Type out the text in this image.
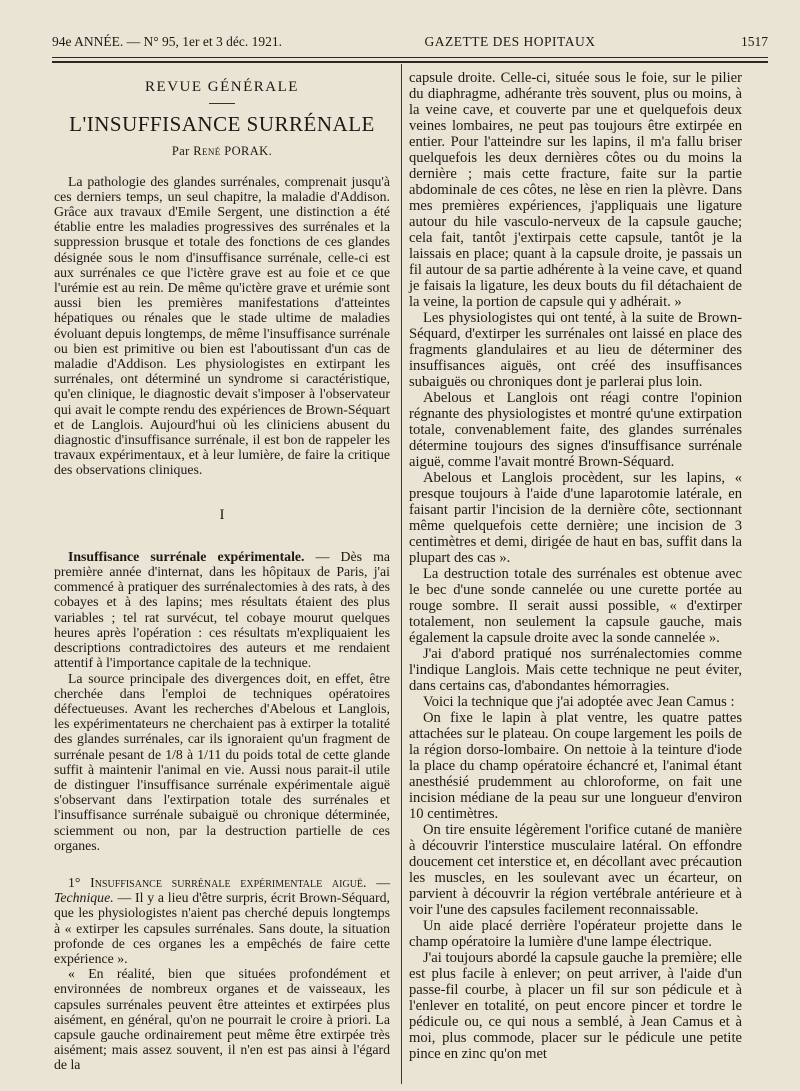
94e ANNÉE. — N° 95, 1er et 3 déc. 1921.	GAZETTE DES HOPITAUX	1517
REVUE GÉNÉRALE
L'INSUFFISANCE SURRÉNALE
Par René PORAK.

La pathologie des glandes surrénales, comprenait jusqu'à ces derniers temps, un seul chapitre, la maladie d'Addison. Grâce aux travaux d'Emile Sergent, une distinction a été établie entre les maladies progressives des surrénales et la suppression brusque et totale des fonctions de ces glandes désignée sous le nom d'insuffisance surrénale, celle-ci est aux surrénales ce que l'ictère grave est au foie et ce que l'urémie est au rein. De même qu'ictère grave et urémie sont aussi bien les premières manifestations d'atteintes hépatiques ou rénales que le stade ultime de maladies évoluant depuis longtemps, de même l'insuffisance surrénale ou bien est primitive ou bien est l'aboutissant d'un cas de maladie d'Addison. Les physiologistes en extirpant les surrénales, ont déterminé un syndrome si caractéristique, qu'en clinique, le diagnostic devait s'imposer à l'observateur qui avait le compte rendu des expériences de Brown-Séquart et de Langlois. Aujourd'hui où les cliniciens abusent du diagnostic d'insuffisance surrénale, il est bon de rappeler les travaux expérimentaux, et à leur lumière, de faire la critique des observations cliniques.

I

Insuffisance surrénale expérimentale. — Dès ma première année d'internat, dans les hôpitaux de Paris, j'ai commencé à pratiquer des surrénalectomies à des rats, à des cobayes et à des lapins; mes résultats étaient des plus variables ; tel rat survécut, tel cobaye mourut quelques heures après l'opération : ces résultats m'expliquaient les descriptions contradictoires des auteurs et me rendaient attentif à l'importance capitale de la technique.

La source principale des divergences doit, en effet, être cherchée dans l'emploi de techniques opératoires défectueuses. Avant les recherches d'Abelous et Langlois, les expérimentateurs ne cherchaient pas à extirper la totalité des glandes surrénales, car ils ignoraient qu'un fragment de surrénale pesant de 1/8 à 1/11 du poids total de cette glande suffit à maintenir l'animal en vie. Aussi nous parait-il utile de distinguer l'insuffisance surrénale expérimentale aiguë s'observant dans l'extirpation totale des surrénales et l'insuffisance surrénale subaiguë ou chronique déterminée, sciemment ou non, par la destruction partielle de ces organes.

1° Insuffisance surrénale expérimentale aiguë. — Technique. — Il y a lieu d'être surpris, écrit Brown-Séquard, que les physiologistes n'aient pas cherché depuis longtemps à « extirper les capsules surrénales. Sans doute, la situation profonde de ces organes les a empêchés de faire cette expérience ».

« En réalité, bien que situées profondément et environnées de nombreux organes et de vaisseaux, les capsules surrénales peuvent être atteintes et extirpées plus aisément, en général, qu'on ne pourrait le croire à priori. La capsule gauche ordinairement peut même être extirpée très aisément; mais assez souvent, il n'en est pas ainsi à l'égard de la

capsule droite. Celle-ci, située sous le foie, sur le pilier du diaphragme, adhérante très souvent, plus ou moins, à la veine cave, et couverte par une et quelquefois deux veines lombaires, ne peut pas toujours être extirpée en entier. Pour l'atteindre sur les lapins, il m'a fallu briser quelquefois les deux dernières côtes ou du moins la dernière ; mais cette fracture, faite sur la partie abdominale de ces côtes, ne lèse en rien la plèvre. Dans mes premières expériences, j'appliquais une ligature autour du hile vasculo-nerveux de la capsule gauche; cela fait, tantôt j'extirpais cette capsule, tantôt je la laissais en place; quant à la capsule droite, je passais un fil autour de sa partie adhérente à la veine cave, et quand je faisais la ligature, les deux bouts du fil détachaient de la veine, la portion de capsule qui y adhérait. »

Les physiologistes qui ont tenté, à la suite de Brown-Séquard, d'extirper les surrénales ont laissé en place des fragments glandulaires et au lieu de déterminer des insuffisances aiguës, ont créé des insuffisances subaiguës ou chroniques dont je parlerai plus loin.

Abelous et Langlois ont réagi contre l'opinion régnante des physiologistes et montré qu'une extirpation totale, convenablement faite, des glandes surrénales détermine toujours des signes d'insuffisance surrénale aiguë, comme l'avait montré Brown-Séquard.

Abelous et Langlois procèdent, sur les lapins, « presque toujours à l'aide d'une laparotomie latérale, en faisant partir l'incision de la dernière côte, sectionnant même quelquefois cette dernière; une incision de 3 centimètres et demi, dirigée de haut en bas, suffit dans la plupart des cas ».

La destruction totale des surrénales est obtenue avec le bec d'une sonde cannelée ou une curette portée au rouge sombre. Il serait aussi possible, « d'extirper totalement, non seulement la capsule gauche, mais également la capsule droite avec la sonde cannelée ».

J'ai d'abord pratiqué nos surrénalectomies comme l'indique Langlois. Mais cette technique ne peut éviter, dans certains cas, d'abondantes hémorragies.

Voici la technique que j'ai adoptée avec Jean Camus :

On fixe le lapin à plat ventre, les quatre pattes attachées sur le plateau. On coupe largement les poils de la région dorso-lombaire. On nettoie à la teinture d'iode la place du champ opératoire échancré et, l'animal étant anesthésié prudemment au chloroforme, on fait une incision médiane de la peau sur une longueur d'environ 10 centimètres.

On tire ensuite légèrement l'orifice cutané de manière à découvrir l'interstice musculaire latéral. On effondre doucement cet interstice et, en décollant avec précaution les muscles, en les soulevant avec un écarteur, on parvient à découvrir la région vertébrale antérieure et à voir l'une des capsules facilement reconnaissable.

Un aide placé derrière l'opérateur projette dans le champ opératoire la lumière d'une lampe électrique.

J'ai toujours abordé la capsule gauche la première; elle est plus facile à enlever; on peut arriver, à l'aide d'un passe-fil courbe, à placer un fil sur son pédicule et à l'enlever en totalité, on peut encore pincer et tordre le pédicule ou, ce qui nous a semblé, à Jean Camus et à moi, plus commode, placer sur le pédicule une petite pince en zinc qu'on met
